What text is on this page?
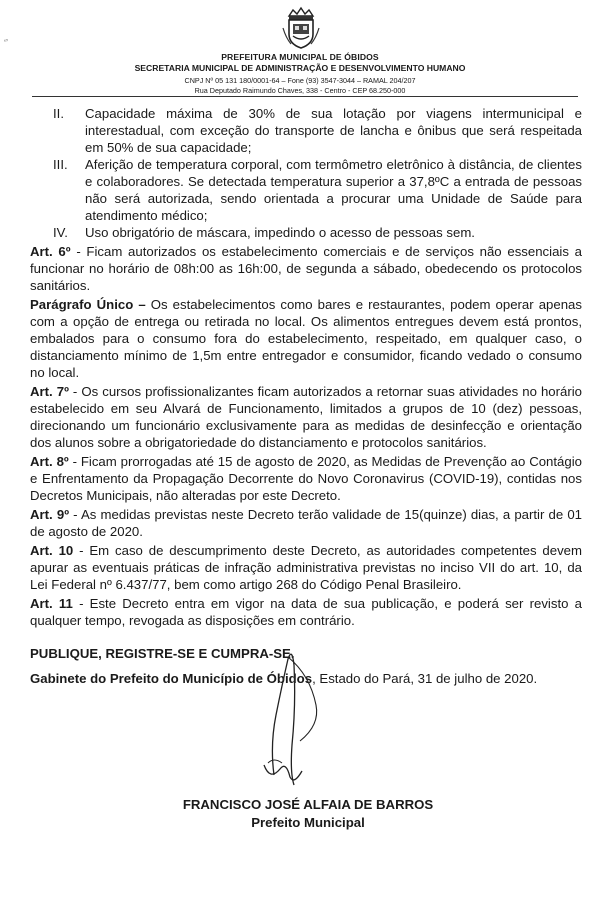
ʻʼ
PREFEITURA MUNICIPAL DE ÓBIDOS
SECRETARIA MUNICIPAL DE ADMINISTRAÇÃO E DESENVOLVIMENTO HUMANO
CNPJ Nº 05 131 180/0001-64 – Fone (93) 3547-3044 – RAMAL 204/207
Rua Deputado Raimundo Chaves, 338 - Centro - CEP 68.250-000

II. Capacidade máxima de 30% de sua lotação por viagens intermunicipal e interestadual, com exceção do transporte de lancha e ônibus que será respeitada em 50% de sua capacidade;

III. Aferição de temperatura corporal, com termômetro eletrônico à distância, de clientes e colaboradores. Se detectada temperatura superior a 37,8ºC a entrada de pessoas não será autorizada, sendo orientada a procurar uma Unidade de Saúde para atendimento médico;

IV. Uso obrigatório de máscara, impedindo o acesso de pessoas sem.

Art. 6º - Ficam autorizados os estabelecimento comerciais e de serviços não essenciais a funcionar no horário de 08h:00 as 16h:00, de segunda a sábado, obedecendo os protocolos sanitários.

Parágrafo Único – Os estabelecimentos como bares e restaurantes, podem operar apenas com a opção de entrega ou retirada no local. Os alimentos entregues devem está prontos, embalados para o consumo fora do estabelecimento, respeitado, em qualquer caso, o distanciamento mínimo de 1,5m entre entregador e consumidor, ficando vedado o consumo no local.

Art. 7º - Os cursos profissionalizantes ficam autorizados a retornar suas atividades no horário estabelecido em seu Alvará de Funcionamento, limitados a grupos de 10 (dez) pessoas, direcionando um funcionário exclusivamente para as medidas de desinfecção e orientação dos alunos sobre a obrigatoriedade do distanciamento e protocolos sanitários.

Art. 8º - Ficam prorrogadas até 15 de agosto de 2020, as Medidas de Prevenção ao Contágio e Enfrentamento da Propagação Decorrente do Novo Coronavirus (COVID-19), contidas nos Decretos Municipais, não alteradas por este Decreto.

Art. 9º - As medidas previstas neste Decreto terão validade de 15(quinze) dias, a partir de 01 de agosto de 2020.

Art. 10 - Em caso de descumprimento deste Decreto, as autoridades competentes devem apurar as eventuais práticas de infração administrativa previstas no inciso VII do art. 10, da Lei Federal nº 6.437/77, bem como artigo 268 do Código Penal Brasileiro.

Art. 11 - Este Decreto entra em vigor na data de sua publicação, e poderá ser revisto a qualquer tempo, revogada as disposições em contrário.

PUBLIQUE, REGISTRE-SE E CUMPRA-SE.

Gabinete do Prefeito do Município de Óbidos, Estado do Pará, 31 de julho de 2020.

FRANCISCO JOSÉ ALFAIA DE BARROS
Prefeito Municipal
